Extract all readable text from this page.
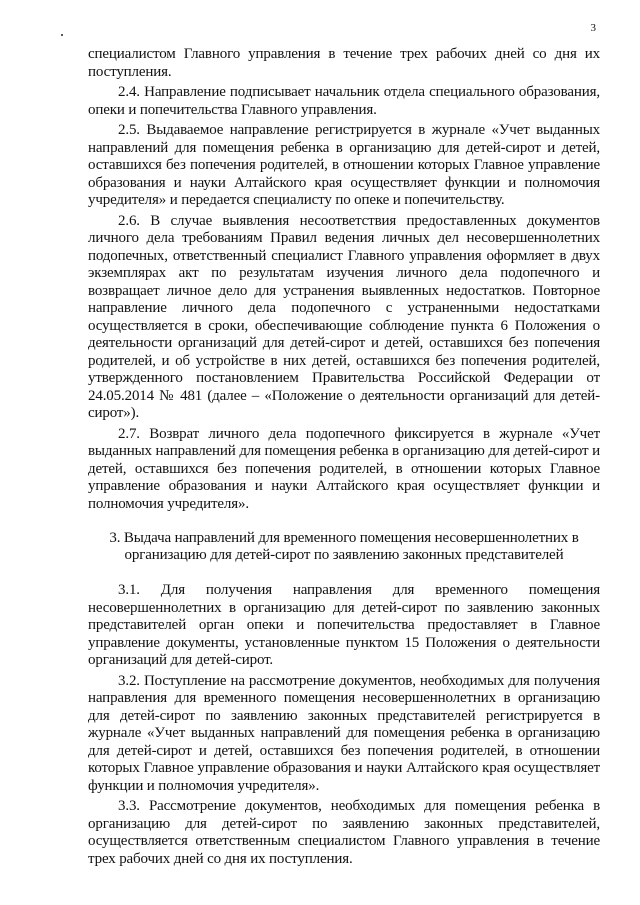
3

специалистом Главного управления в течение трех рабочих дней со дня их поступления.

2.4. Направление подписывает начальник отдела специального образования, опеки и попечительства Главного управления.

2.5. Выдаваемое направление регистрируется в журнале «Учет выданных направлений для помещения ребенка в организацию для детей-сирот и детей, оставшихся без попечения родителей, в отношении которых Главное управление образования и науки Алтайского края осуществляет функции и полномочия учредителя» и передается специалисту по опеке и попечительству.

2.6. В случае выявления несоответствия предоставленных документов личного дела требованиям Правил ведения личных дел несовершеннолетних подопечных, ответственный специалист Главного управления оформляет в двух экземплярах акт по результатам изучения личного дела подопечного и возвращает личное дело для устранения выявленных недостатков. Повторное направление личного дела подопечного с устраненными недостатками осуществляется в сроки, обеспечивающие соблюдение пункта 6 Положения о деятельности организаций для детей-сирот и детей, оставшихся без попечения родителей, и об устройстве в них детей, оставшихся без попечения родителей, утвержденного постановлением Правительства Российской Федерации от 24.05.2014 № 481 (далее – «Положение о деятельности организаций для детей-сирот»).

2.7. Возврат личного дела подопечного фиксируется в журнале «Учет выданных направлений для помещения ребенка в организацию для детей-сирот и детей, оставшихся без попечения родителей, в отношении которых Главное управление образования и науки Алтайского края осуществляет функции и полномочия учредителя».

3. Выдача направлений для временного помещения несовершеннолетних в организацию для детей-сирот по заявлению законных представителей

3.1. Для получения направления для временного помещения несовершеннолетних в организацию для детей-сирот по заявлению законных представителей орган опеки и попечительства предоставляет в Главное управление документы, установленные пунктом 15 Положения о деятельности организаций для детей-сирот.

3.2. Поступление на рассмотрение документов, необходимых для получения направления для временного помещения несовершеннолетних в организацию для детей-сирот по заявлению законных представителей регистрируется в журнале «Учет выданных направлений для помещения ребенка в организацию для детей-сирот и детей, оставшихся без попечения родителей, в отношении которых Главное управление образования и науки Алтайского края осуществляет функции и полномочия учредителя».

3.3. Рассмотрение документов, необходимых для помещения ребенка в организацию для детей-сирот по заявлению законных представителей, осуществляется ответственным специалистом Главного управления в течение трех рабочих дней со дня их поступления.
